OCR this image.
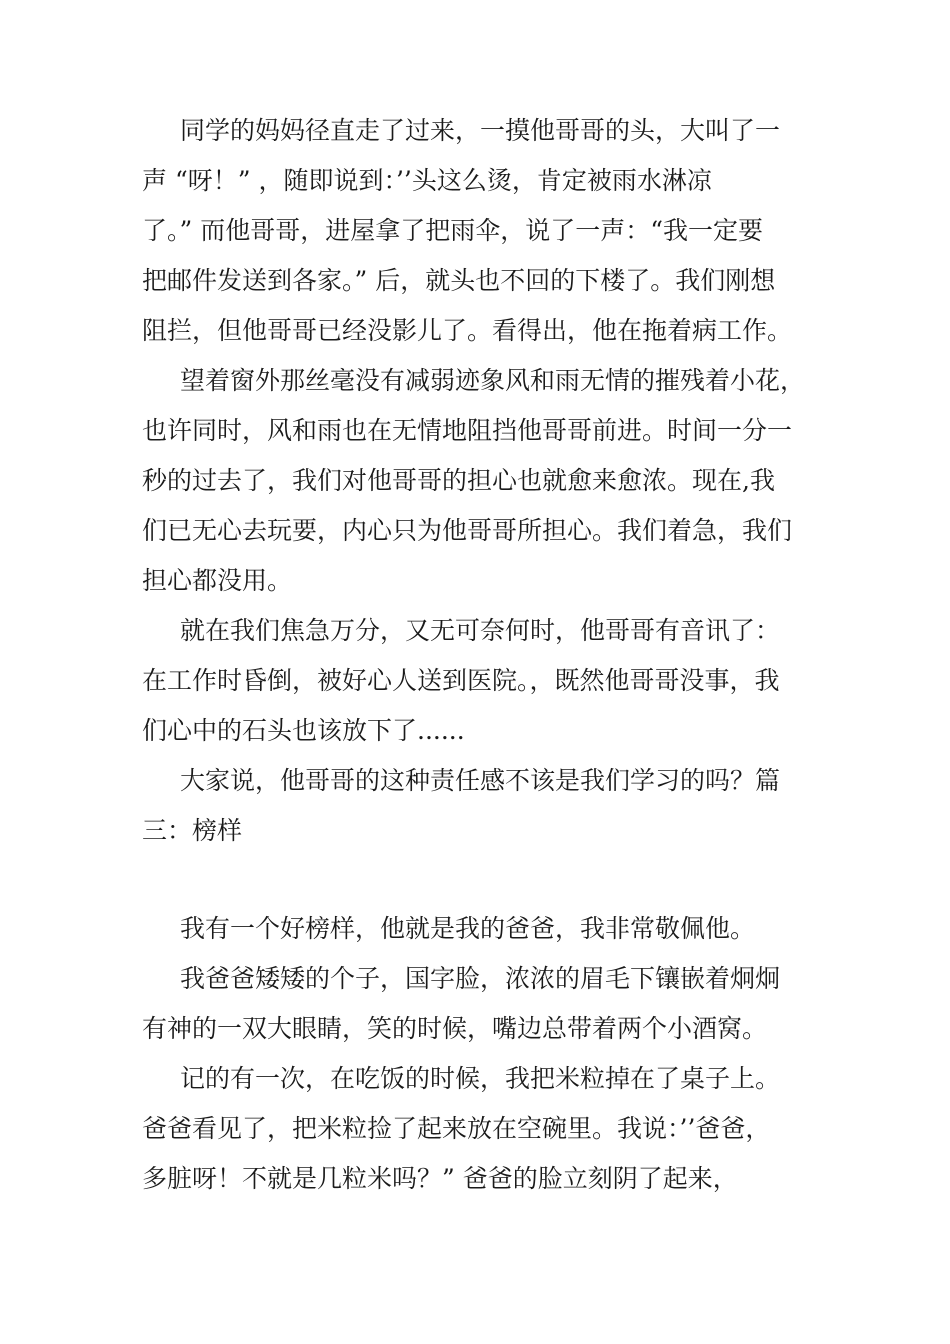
同学的妈妈径直走了过来，一摸他哥哥的头，大叫了一

声 “呀！” ，随即说到：’’头这么烫，肯定被雨水淋凉

了。” 而他哥哥，进屋拿了把雨伞，说了一声：“我一定要

把邮件发送到各家。” 后，就头也不回的下楼了。我们刚想

阻拦，但他哥哥已经没影儿了。看得出，他在拖着病工作。

望着窗外那丝毫没有减弱迹象风和雨无情的摧残着小花，

也许同时，风和雨也在无情地阻挡他哥哥前进。时间一分一

秒的过去了，我们对他哥哥的担心也就愈来愈浓。现在,我

们已无心去玩要，内心只为他哥哥所担心。我们着急，我们

担心都没用。

就在我们焦急万分，又无可奈何时，他哥哥有音讯了：

在工作时昏倒，被好心人送到医院。，既然他哥哥没事，我

们心中的石头也该放下了......

大家说，他哥哥的这种责任感不该是我们学习的吗？篇

三：榜样

我有一个好榜样，他就是我的爸爸，我非常敬佩他。

我爸爸矮矮的个子，国字脸，浓浓的眉毛下镶嵌着炯炯

有神的一双大眼睛，笑的时候，嘴边总带着两个小酒窝。

记的有一次，在吃饭的时候，我把米粒掉在了桌子上。

爸爸看见了，把米粒捡了起来放在空碗里。我说：’’爸爸，

多脏呀！不就是几粒米吗？” 爸爸的脸立刻阴了起来，
